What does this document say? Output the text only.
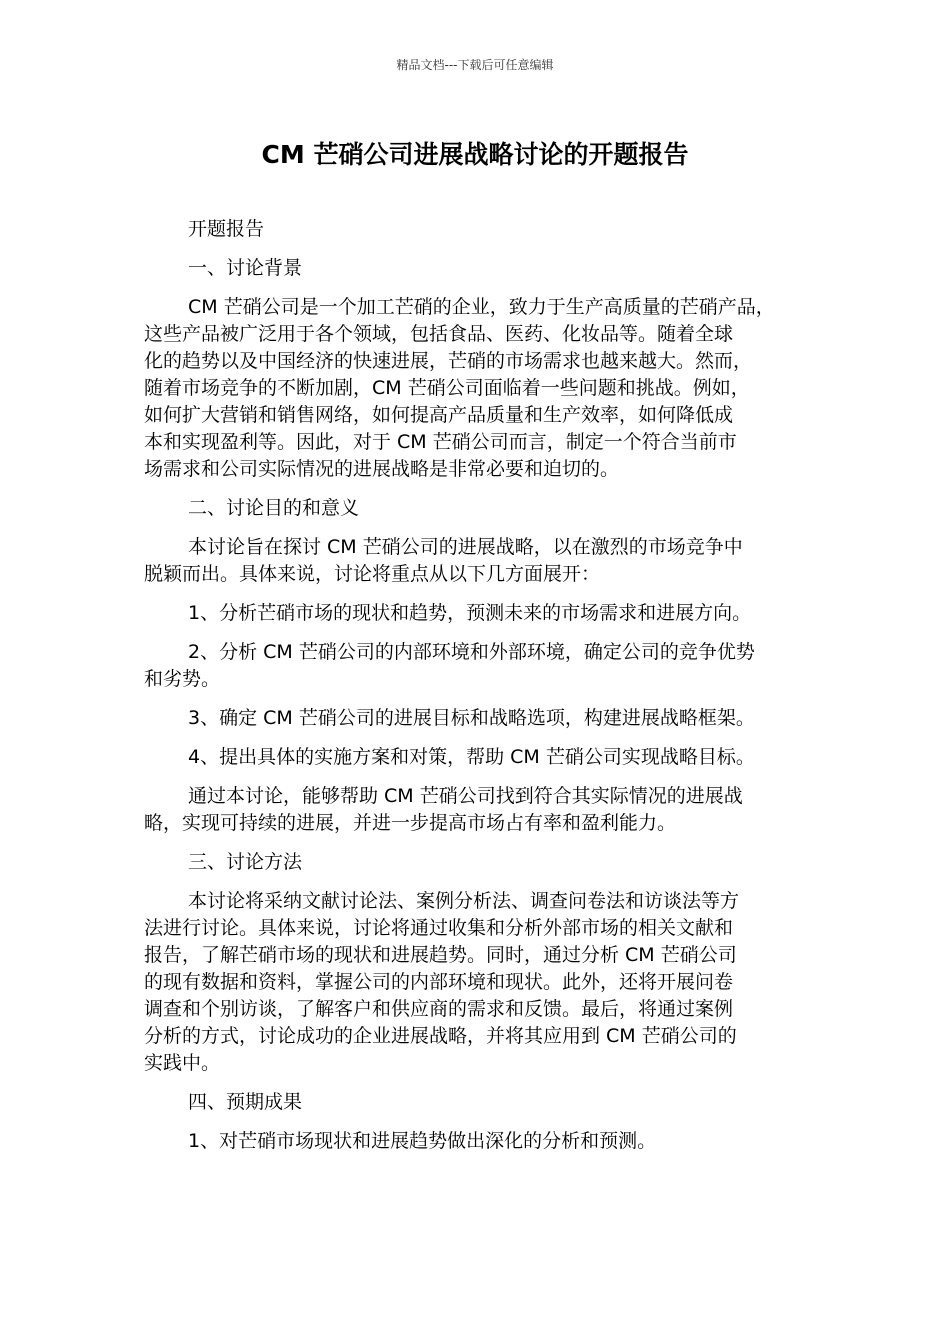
精品文档---下载后可任意编辑
CM 芒硝公司进展战略讨论的开题报告
开题报告
一、讨论背景
CM 芒硝公司是一个加工芒硝的企业，致力于生产高质量的芒硝产品，
这些产品被广泛用于各个领域，包括食品、医药、化妆品等。随着全球
化的趋势以及中国经济的快速进展，芒硝的市场需求也越来越大。然而，
随着市场竞争的不断加剧，CM 芒硝公司面临着一些问题和挑战。例如，
如何扩大营销和销售网络，如何提高产品质量和生产效率，如何降低成
本和实现盈利等。因此，对于 CM 芒硝公司而言，制定一个符合当前市
场需求和公司实际情况的进展战略是非常必要和迫切的。
二、讨论目的和意义
本讨论旨在探讨 CM 芒硝公司的进展战略，以在激烈的市场竞争中
脱颖而出。具体来说，讨论将重点从以下几方面展开：
1、分析芒硝市场的现状和趋势，预测未来的市场需求和进展方向。
2、分析 CM 芒硝公司的内部环境和外部环境，确定公司的竞争优势
和劣势。
3、确定 CM 芒硝公司的进展目标和战略选项，构建进展战略框架。
4、提出具体的实施方案和对策，帮助 CM 芒硝公司实现战略目标。
通过本讨论，能够帮助 CM 芒硝公司找到符合其实际情况的进展战
略，实现可持续的进展，并进一步提高市场占有率和盈利能力。
三、讨论方法
本讨论将采纳文献讨论法、案例分析法、调查问卷法和访谈法等方
法进行讨论。具体来说，讨论将通过收集和分析外部市场的相关文献和
报告，了解芒硝市场的现状和进展趋势。同时，通过分析 CM 芒硝公司
的现有数据和资料，掌握公司的内部环境和现状。此外，还将开展问卷
调查和个别访谈，了解客户和供应商的需求和反馈。最后，将通过案例
分析的方式，讨论成功的企业进展战略，并将其应用到 CM 芒硝公司的
实践中。
四、预期成果
1、对芒硝市场现状和进展趋势做出深化的分析和预测。
